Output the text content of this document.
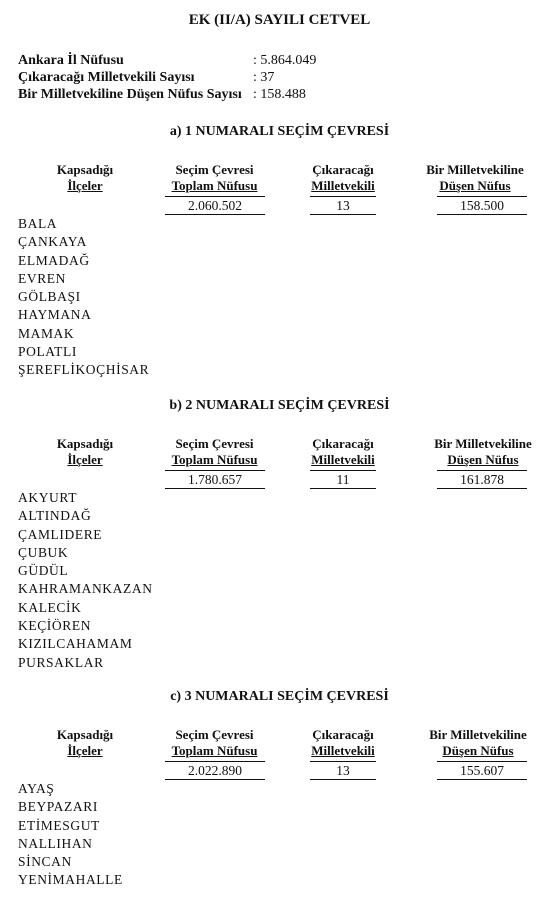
EK (II/A) SAYILI CETVEL
Ankara İl Nüfusu	: 5.864.049
Çıkaracağı Milletvekili Sayısı	: 37
Bir Milletvekiline Düşen Nüfus Sayısı : 158.488
a) 1 NUMARALI SEÇİM ÇEVRESİ
Kapsadığı
İlçeler
Seçim Çevresi
Toplam Nüfusu
Çıkaracağı
Milletvekili
Bir Milletvekiline
Düşen Nüfus
2.060.502	13	158.500
BALA
ÇANKAYA
ELMADAĞ
EVREN
GÖLBAŞI
HAYMANA
MAMAK
POLATLI
ŞEREFLİKOÇHİSAR
b) 2 NUMARALI SEÇİM ÇEVRESİ
Kapsadığı
İlçeler
Seçim Çevresi
Toplam Nüfusu
Çıkaracağı
Milletvekili
Bir Milletvekiline
Düşen Nüfus
1.780.657	11	161.878
AKYURT
ALTINDAĞ
ÇAMLIDERE
ÇUBUK
GÜDÜL
KAHRAMANKAZAN
KALECİK
KEÇİÖREN
KIZILCAHAMAM
PURSAKLAR
c) 3 NUMARALI SEÇİM ÇEVRESİ
Kapsadığı
İlçeler
Seçim Çevresi
Toplam Nüfusu
Çıkaracağı
Milletvekili
Bir Milletvekiline
Düşen Nüfus
2.022.890	13	155.607
AYAŞ
BEYPAZARI
ETİMESGUT
NALLIHAN
SİNCAN
YENİMAHALLE
